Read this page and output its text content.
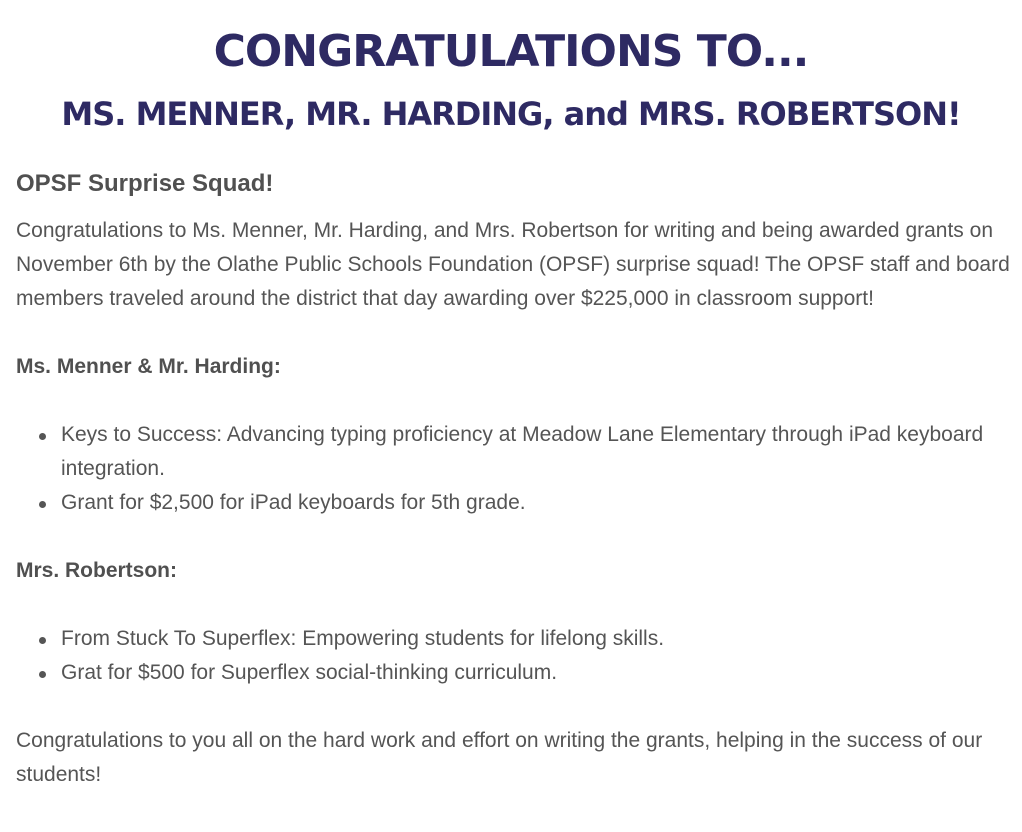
CONGRATULATIONS TO...
MS. MENNER, MR. HARDING, and MRS. ROBERTSON!
OPSF Surprise Squad!

Congratulations to Ms. Menner, Mr. Harding, and Mrs. Robertson for writing and being awarded grants on November 6th by the Olathe Public Schools Foundation (OPSF) surprise squad! The OPSF staff and board members traveled around the district that day awarding over $225,000 in classroom support!

Ms. Menner & Mr. Harding:

Keys to Success: Advancing typing proficiency at Meadow Lane Elementary through iPad keyboard integration.
Grant for $2,500 for iPad keyboards for 5th grade.

Mrs. Robertson:

From Stuck To Superflex: Empowering students for lifelong skills.
Grat for $500 for Superflex social-thinking curriculum.

Congratulations to you all on the hard work and effort on writing the grants, helping in the success of our students!
